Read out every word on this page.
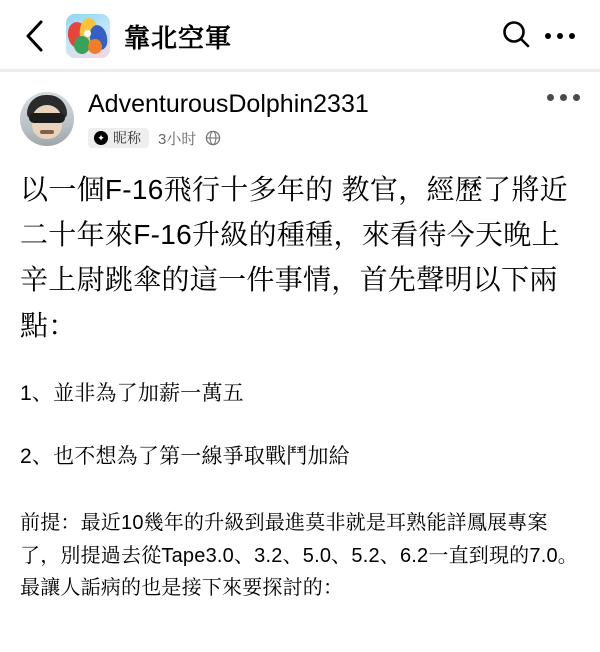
靠北空軍
AdventurousDolphin2331
✦ 昵称 3小时
以一個F-16飛行十多年的 教官，經歷了將近二十年來F-16升級的種種，來看待今天晚上辛上尉跳傘的這一件事情，首先聲明以下兩點：
1、並非為了加薪一萬五
2、也不想為了第一線爭取戰鬥加給
前提：最近10幾年的升級到最進莫非就是耳熟能詳鳳展專案了，別提過去從Tape3.0、3.2、5.0、5.2、6.2一直到現的7.0。最讓人詬病的也是接下來要探討的：
